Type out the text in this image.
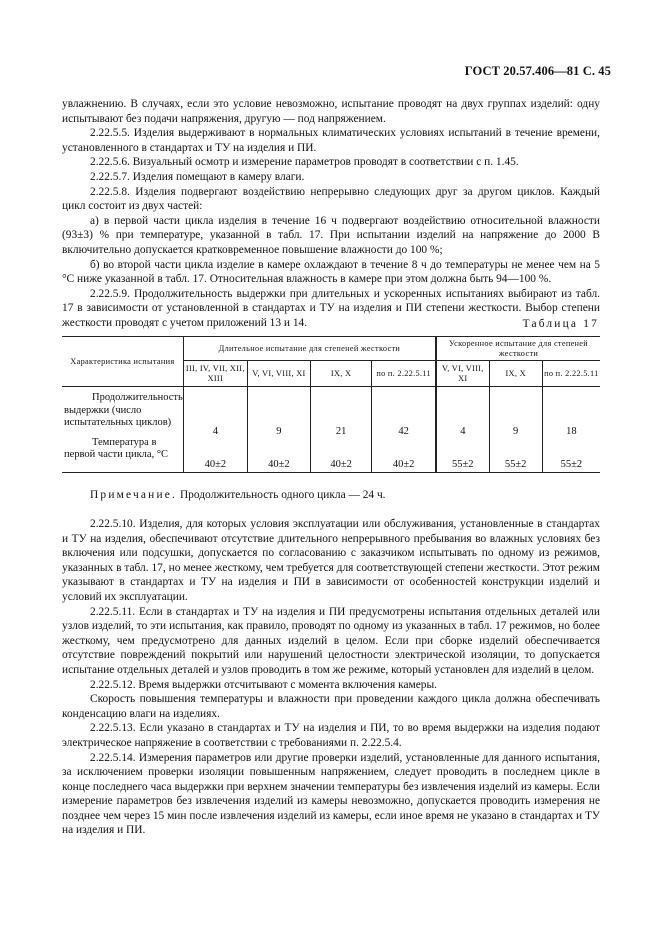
ГОСТ 20.57.406—81 С. 45

увлажнению. В случаях, если это условие невозможно, испытание проводят на двух группах изделий: одну испытывают без подачи напряжения, другую — под напряжением.

2.22.5.5. Изделия выдерживают в нормальных климатических условиях испытаний в течение времени, установленного в стандартах и ТУ на изделия и ПИ.

2.22.5.6. Визуальный осмотр и измерение параметров проводят в соответствии с п. 1.45.

2.22.5.7. Изделия помещают в камеру влаги.

2.22.5.8. Изделия подвергают воздействию непрерывно следующих друг за другом циклов. Каждый цикл состоит из двух частей:

а) в первой части цикла изделия в течение 16 ч подвергают воздействию относительной влажности (93±3) % при температуре, указанной в табл. 17. При испытании изделий на напряжение до 2000 В включительно допускается кратковременное повышение влажности до 100 %;

б) во второй части цикла изделие в камере охлаждают в течение 8 ч до температуры не менее чем на 5 °С ниже указанной в табл. 17. Относительная влажность в камере при этом должна быть 94—100 %.

2.22.5.9. Продолжительность выдержки при длительных и ускоренных испытаниях выбирают из табл. 17 в зависимости от установленной в стандартах и ТУ на изделия и ПИ степени жесткости. Выбор степени жесткости проводят с учетом приложений 13 и 14.	Таблица 17
Характеристика испытания	Длительное испытание для степеней жесткости				Ускоренное испытание для степеней жесткости		
	III, IV, VII, XII, XIII	V, VI, VIII, XI	IX, X	по п. 2.22.5.11	V, VI, VIII, XI	IX, X	по п. 2.22.5.11
Продолжительность выдержки (число испытательных циклов)	4	9	21	42	4	9	18
Температура в первой части цикла, °С	40±2	40±2	40±2	40±2	55±2	55±2	55±2
Примечание. Продолжительность одного цикла — 24 ч.

2.22.5.10. Изделия, для которых условия эксплуатации или обслуживания, установленные в стандартах и ТУ на изделия, обеспечивают отсутствие длительного непрерывного пребывания во влажных условиях без включения или подсушки, допускается по согласованию с заказчиком испытывать по одному из режимов, указанных в табл. 17, но менее жесткому, чем требуется для соответствующей степени жесткости. Этот режим указывают в стандартах и ТУ на изделия и ПИ в зависимости от особенностей конструкции изделий и условий их эксплуатации.

2.22.5.11. Если в стандартах и ТУ на изделия и ПИ предусмотрены испытания отдельных деталей или узлов изделий, то эти испытания, как правило, проводят по одному из указанных в табл. 17 режимов, но более жесткому, чем предусмотрено для данных изделий в целом. Если при сборке изделий обеспечивается отсутствие повреждений покрытий или нарушений целостности электрической изоляции, то допускается испытание отдельных деталей и узлов проводить в том же режиме, который установлен для изделий в целом.

2.22.5.12. Время выдержки отсчитывают с момента включения камеры.

Скорость повышения температуры и влажности при проведении каждого цикла должна обеспечивать конденсацию влаги на изделиях.

2.22.5.13. Если указано в стандартах и ТУ на изделия и ПИ, то во время выдержки на изделия подают электрическое напряжение в соответствии с требованиями п. 2.22.5.4.

2.22.5.14. Измерения параметров или другие проверки изделий, установленные для данного испытания, за исключением проверки изоляции повышенным напряжением, следует проводить в последнем цикле в конце последнего часа выдержки при верхнем значении температуры без извлечения изделий из камеры. Если измерение параметров без извлечения изделий из камеры невозможно, допускается проводить измерения не позднее чем через 15 мин после извлечения изделий из камеры, если иное время не указано в стандартах и ТУ на изделия и ПИ.
